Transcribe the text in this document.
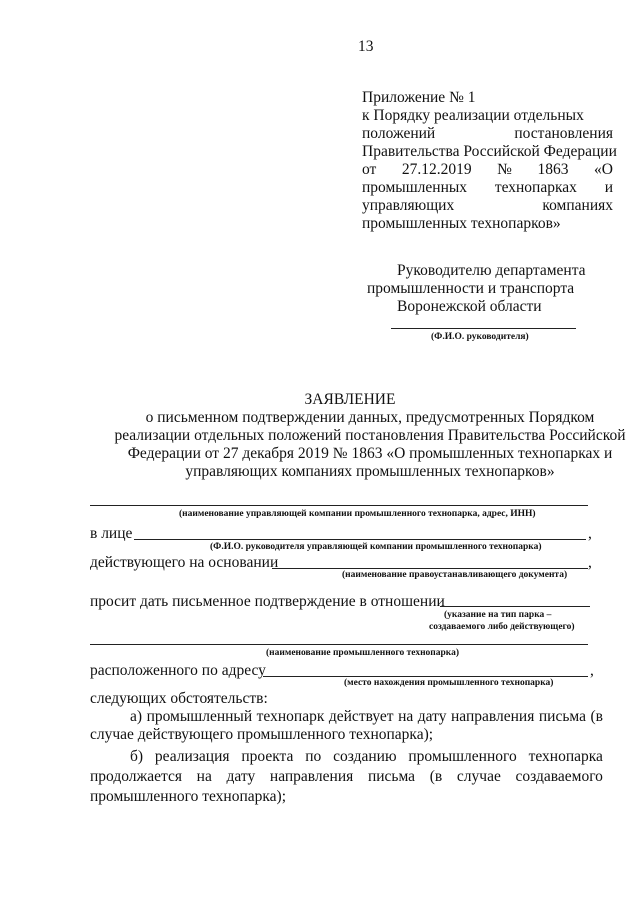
13
Приложение № 1
к Порядку реализации отдельных
положений	постановления
Правительства Российской Федерации
от 27.12.2019 № 1863 «О
промышленных технопарках и
управляющих	компаниях
промышленных технопарков»
Руководителю департамента
промышленности и транспорта
Воронежской области
(Ф.И.О. руководителя)
ЗАЯВЛЕНИЕ
о письменном подтверждении данных, предусмотренных Порядком
реализации отдельных положений постановления Правительства Российской
Федерации от 27 декабря 2019 № 1863 «О промышленных технопарках и
управляющих компаниях промышленных технопарков»
(наименование управляющей компании промышленного технопарка, адрес, ИНН)
в лице	,
(Ф.И.О. руководителя управляющей компании промышленного технопарка)
действующего на основании	,
(наименование правоустанавливающего документа)
просит дать письменное подтверждение в отношении
(указание на тип парка –
создаваемого либо действующего)
(наименование промышленного технопарка)
расположенного по адресу	,
(место нахождения промышленного технопарка)
следующих обстоятельств:
а) промышленный технопарк действует на дату направления письма (в
случае действующего промышленного технопарка);
б) реализация проекта по созданию промышленного технопарка
продолжается на дату направления письма (в случае создаваемого
промышленного технопарка);
